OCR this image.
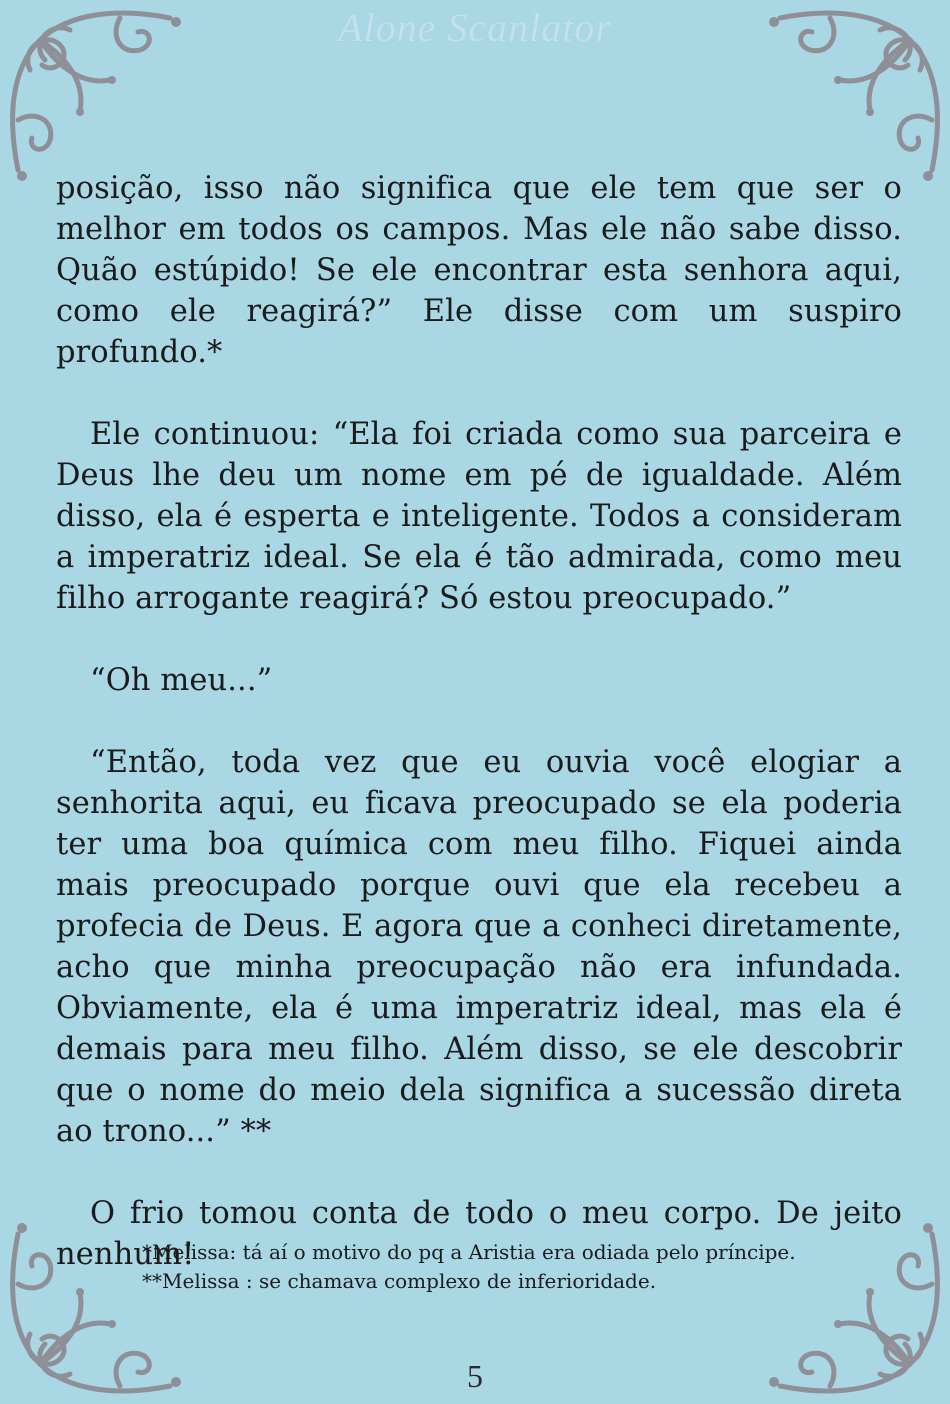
Alone Scanlator

posição, isso não significa que ele tem que ser o melhor em todos os campos. Mas ele não sabe disso. Quão estúpido! Se ele encontrar esta senhora aqui, como ele reagirá?” Ele disse com um suspiro profundo.*

Ele continuou: “Ela foi criada como sua parceira e Deus lhe deu um nome em pé de igualdade. Além disso, ela é esperta e inteligente. Todos a consideram a imperatriz ideal. Se ela é tão admirada, como meu filho arrogante reagirá? Só estou preocupado.”

“Oh meu...”

“Então, toda vez que eu ouvia você elogiar a senhorita aqui, eu ficava preocupado se ela poderia ter uma boa química com meu filho. Fiquei ainda mais preocupado porque ouvi que ela recebeu a profecia de Deus. E agora que a conheci diretamente, acho que minha preocupação não era infundada. Obviamente, ela é uma imperatriz ideal, mas ela é demais para meu filho. Além disso, se ele descobrir que o nome do meio dela significa a sucessão direta ao trono...” **

O frio tomou conta de todo o meu corpo. De jeito nenhum!

*Melissa: tá aí o motivo do pq a Aristia era odiada pelo príncipe.

**Melissa : se chamava complexo de inferioridade.

5
